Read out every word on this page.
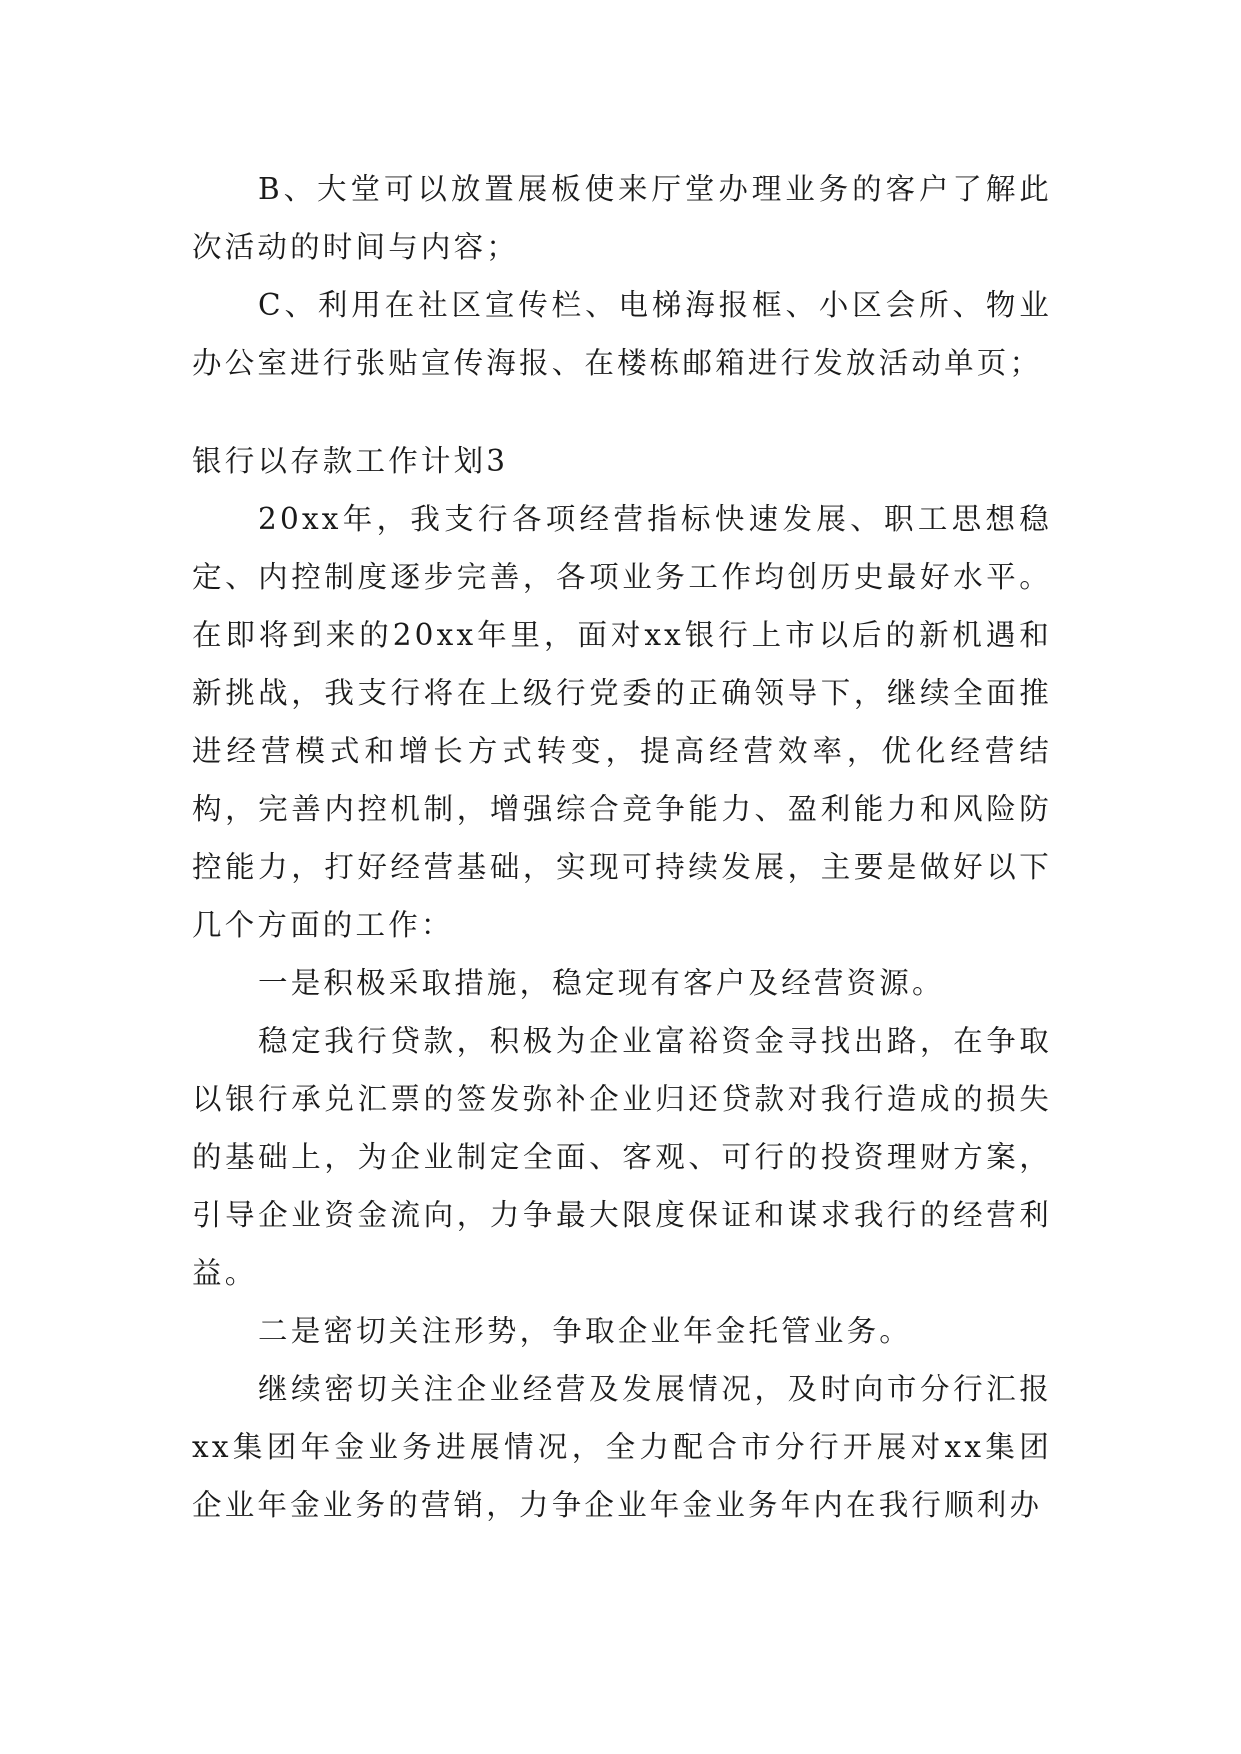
B、大堂可以放置展板使来厅堂办理业务的客户了解此次活动的时间与内容；

C、利用在社区宣传栏、电梯海报框、小区会所、物业办公室进行张贴宣传海报、在楼栋邮箱进行发放活动单页；

银行以存款工作计划3

20xx年，我支行各项经营指标快速发展、职工思想稳定、内控制度逐步完善，各项业务工作均创历史最好水平。在即将到来的20xx年里，面对xx银行上市以后的新机遇和新挑战，我支行将在上级行党委的正确领导下，继续全面推进经营模式和增长方式转变，提高经营效率，优化经营结构，完善内控机制，增强综合竞争能力、盈利能力和风险防控能力，打好经营基础，实现可持续发展，主要是做好以下几个方面的工作：

一是积极采取措施，稳定现有客户及经营资源。

稳定我行贷款，积极为企业富裕资金寻找出路，在争取以银行承兑汇票的签发弥补企业归还贷款对我行造成的损失的基础上，为企业制定全面、客观、可行的投资理财方案，引导企业资金流向，力争最大限度保证和谋求我行的经营利益。

二是密切关注形势，争取企业年金托管业务。

继续密切关注企业经营及发展情况，及时向市分行汇报xx集团年金业务进展情况，全力配合市分行开展对xx集团企业年金业务的营销，力争企业年金业务年内在我行顺利办
